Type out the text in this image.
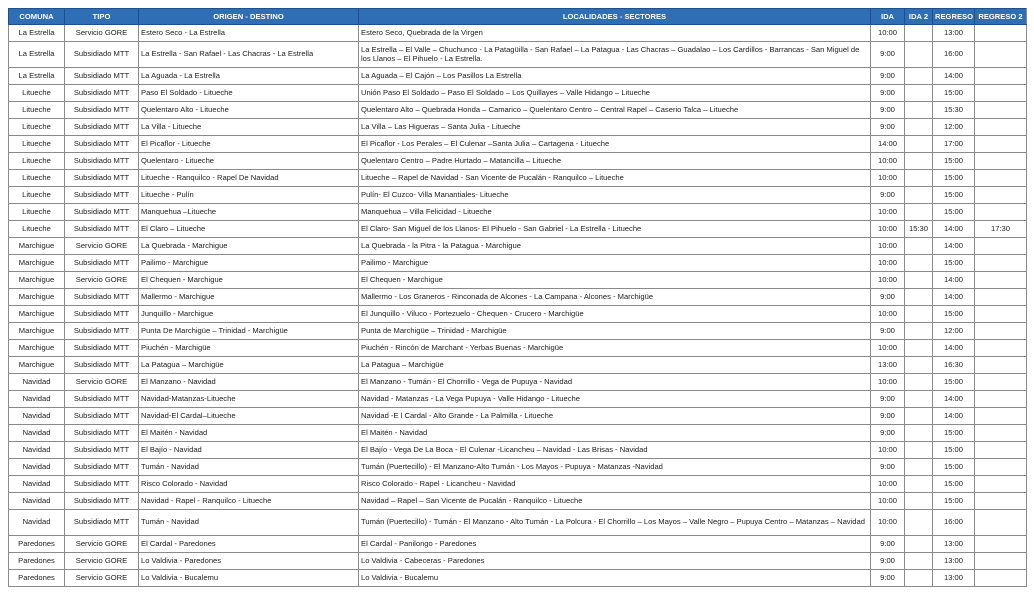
COMUNA	TIPO	ORIGEN - DESTINO	LOCALIDADES - SECTORES	IDA	IDA 2	REGRESO	REGRESO 2
La Estrella	Servicio GORE	Estero Seco - La Estrella	Estero Seco, Quebrada de la Virgen	10:00		13:00	
La Estrella	Subsidiado MTT	La Estrella - San Rafael - Las Chacras - La Estrella	La Estrella – El Valle – Chuchunco - La Patagüilla - San Rafael – La Patagua - Las Chacras – Guadalao – Los Cardillos - Barrancas - San Miguel de los Llanos – El Pihuelo - La Estrella.	9:00		16:00	
La Estrella	Subsidiado MTT	La Aguada - La Estrella	La Aguada – El Cajón – Los Pasillos La Estrella	9:00		14:00	
Litueche	Subsidiado MTT	Paso El Soldado - Litueche	Unión Paso El Soldado – Paso El Soldado – Los Quillayes – Valle Hidango – Litueche	9:00		15:00	
Litueche	Subsidiado MTT	Quelentaro Alto - Litueche	Quelentaro Alto – Quebrada Honda – Camarico – Quelentaro Centro – Central Rapel – Caserio Talca – Litueche	9:00		15:30	
Litueche	Subsidiado MTT	La Villa - Litueche	La Villa – Las Higueras – Santa Julia - Litueche	9:00		12:00	
Litueche	Subsidiado MTT	El Picaflor - Litueche	El Picaflor - Los Perales – El Culenar –Santa Julia – Cartagena - Litueche	14:00		17:00	
Litueche	Subsidiado MTT	Quelentaro - Litueche	Quelentaro Centro – Padre Hurtado – Matancilla – Litueche	10:00		15:00	
Litueche	Subsidiado MTT	Litueche - Ranquilco - Rapel De Navidad	Litueche – Rapel de Navidad - San Vicente de Pucalán - Ranquilco – Litueche	10:00		15:00	
Litueche	Subsidiado MTT	Litueche - Pulín	Pulín- El Cuzco- Villa Manantiales- Litueche	9:00		15:00	
Litueche	Subsidiado MTT	Manquehua –Litueche	Manquehua – Villa Felicidad - Litueche	10:00		15:00	
Litueche	Subsidiado MTT	El Claro – Litueche	El Claro- San Miguel de los Llanos- El Pihuelo - San Gabriel - La Estrella - Litueche	10:00	15:30	14:00	17:30
Marchigue	Servicio GORE	La Quebrada - Marchigue	La Quebrada - la Pitra - la Patagua - Marchigue	10:00		14:00	
Marchigue	Subsidiado MTT	Pailimo - Marchigue	Pailimo - Marchigue	10:00		15:00	
Marchigue	Servicio GORE	El Chequen - Marchigue	El Chequen - Marchigue	10:00		14:00	
Marchigue	Subsidiado MTT	Mallermo - Marchigue	Mallermo - Los Graneros - Rinconada de Alcones - La Campana - Alcones - Marchigüe	9:00		14:00	
Marchigue	Subsidiado MTT	Junquillo - Marchigue	El Junquillo - Viluco - Portezuelo - Chequen - Crucero - Marchigüe	10:00		15:00	
Marchigue	Subsidiado MTT	Punta De Marchigüe – Trinidad - Marchigüe	Punta de Marchigüe – Trinidad - Marchigüe	9:00		12:00	
Marchigue	Subsidiado MTT	Piuchén - Marchigüe	Piuchén - Rincón de Marchant - Yerbas Buenas - Marchigüe	10:00		14:00	
Marchigue	Subsidiado MTT	La Patagua – Marchigüe	La Patagua – Marchigüe	13:00		16:30	
Navidad	Servicio GORE	El Manzano - Navidad	El Manzano - Tumán - El Chorrillo - Vega de Pupuya - Navidad	10:00		15:00	
Navidad	Subsidiado MTT	Navidad-Matanzas-Litueche	Navidad - Matanzas - La Vega Pupuya - Valle Hidango - Litueche	9:00		14:00	
Navidad	Subsidiado MTT	Navidad-El Cardal–Litueche	Navidad -E l Cardal - Alto Grande - La Palmilla - Litueche	9:00		14:00	
Navidad	Subsidiado MTT	El Maitén - Navidad	El Maitén - Navidad	9:00		15:00	
Navidad	Subsidiado MTT	El Bajío - Navidad	El Bajío - Vega De La Boca - El Culenar -Licancheu – Navidad - Las Brisas - Navidad	10:00		15:00	
Navidad	Subsidiado MTT	Tumán - Navidad	Tumán (Puertecillo) - El Manzano-Alto Tumán - Los Mayos - Pupuya - Matanzas -Navidad	9:00		15:00	
Navidad	Subsidiado MTT	Risco Colorado - Navidad	Risco Colorado - Rapel - Licancheu - Navidad	10:00		15:00	
Navidad	Subsidiado MTT	Navidad - Rapel - Ranquilco - Litueche	Navidad – Rapel – San Vicente de Pucalán - Ranquilco - Litueche	10:00		15:00	
Navidad	Subsidiado MTT	Tumán - Navidad	Tumán (Puertecillo) - Tumán - El Manzano - Alto Tumán - La Polcura - El Chorrillo – Los Mayos – Valle Negro – Pupuya Centro – Matanzas – Navidad	10:00		16:00	
Paredones	Servicio GORE	El Cardal - Paredones	El Cardal - Panilongo - Paredones	9:00		13:00	
Paredones	Servicio GORE	Lo Valdivia - Paredones	Lo Valdivia - Cabeceras - Paredones	9:00		13:00	
Paredones	Servicio GORE	Lo Valdivia - Bucalemu	Lo Valdivia - Bucalemu	9:00		13:00	
